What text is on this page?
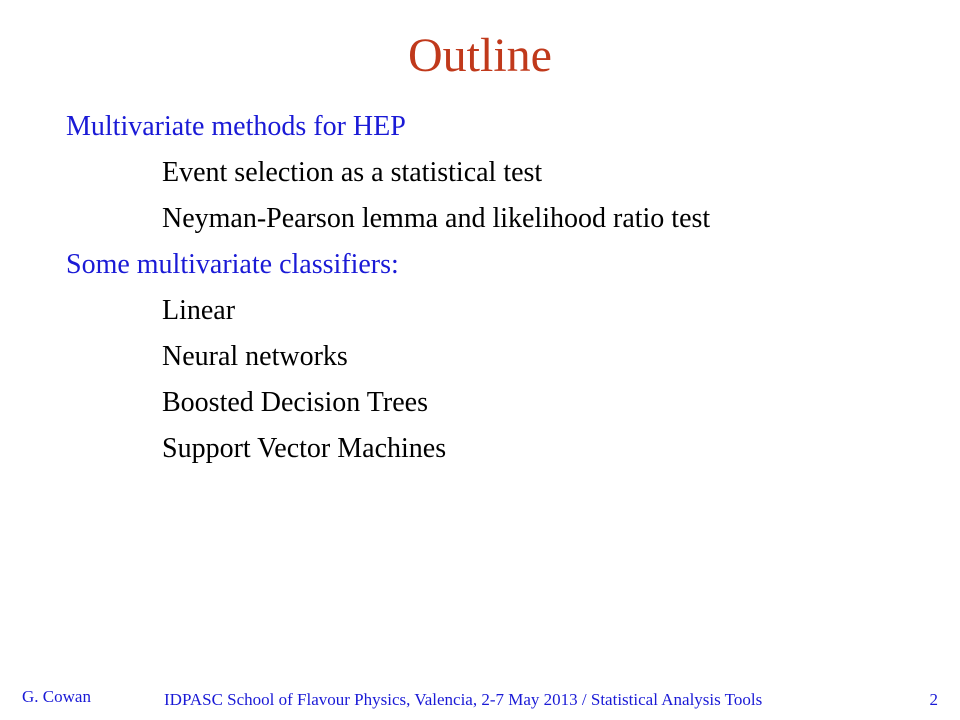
Outline
Multivariate methods for HEP
Event selection as a statistical test
Neyman-Pearson lemma and likelihood ratio test
Some multivariate classifiers:
Linear
Neural networks
Boosted Decision Trees
Support Vector Machines
G. Cowan	IDPASC School of Flavour Physics, Valencia, 2-7 May 2013 / Statistical Analysis Tools	2
